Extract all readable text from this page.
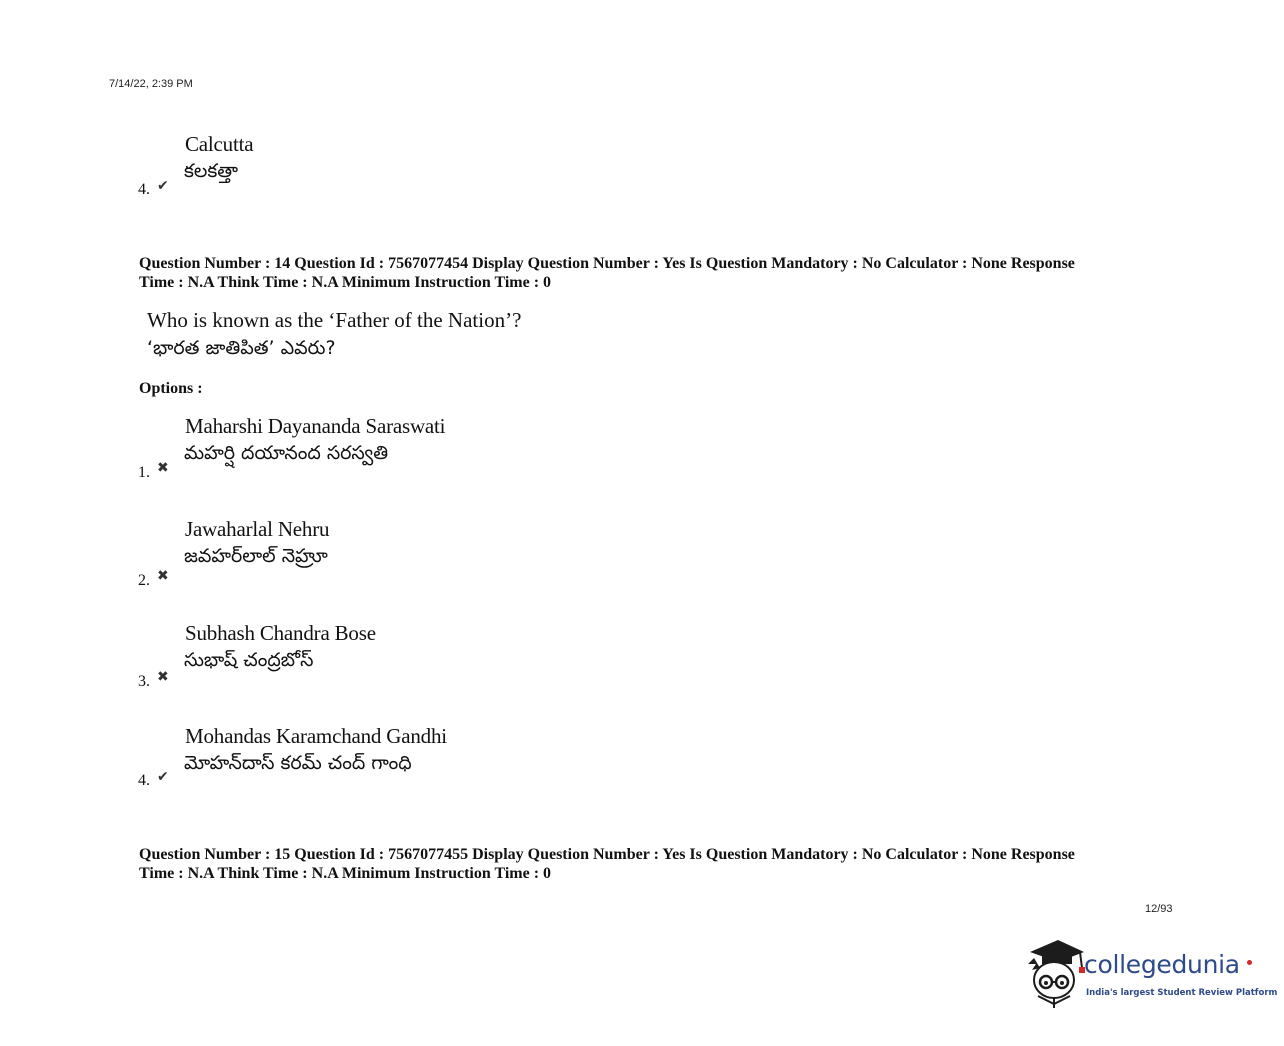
7/14/22, 2:39 PM
Calcutta
కలకత్తా
4. ✔
Question Number : 14 Question Id : 7567077454 Display Question Number : Yes Is Question Mandatory : No Calculator : None Response
Time : N.A Think Time : N.A Minimum Instruction Time : 0
Who is known as the ‘Father of the Nation’?
‘భారత జాతిపిత’ ఎవరు?
Options :
Maharshi Dayananda Saraswati
మహర్షి దయానంద సరస్వతి
1. ✖
Jawaharlal Nehru
జవహర్‌లాల్ నెహ్రూ
2. ✖
Subhash Chandra Bose
సుభాష్ చంద్రబోస్
3. ✖
Mohandas Karamchand Gandhi
మోహన్‌దాస్ కరమ్ చంద్ గాంధి
4. ✔
Question Number : 15 Question Id : 7567077455 Display Question Number : Yes Is Question Mandatory : No Calculator : None Response
Time : N.A Think Time : N.A Minimum Instruction Time : 0
12/93
collegedunia
India's largest Student Review Platform
